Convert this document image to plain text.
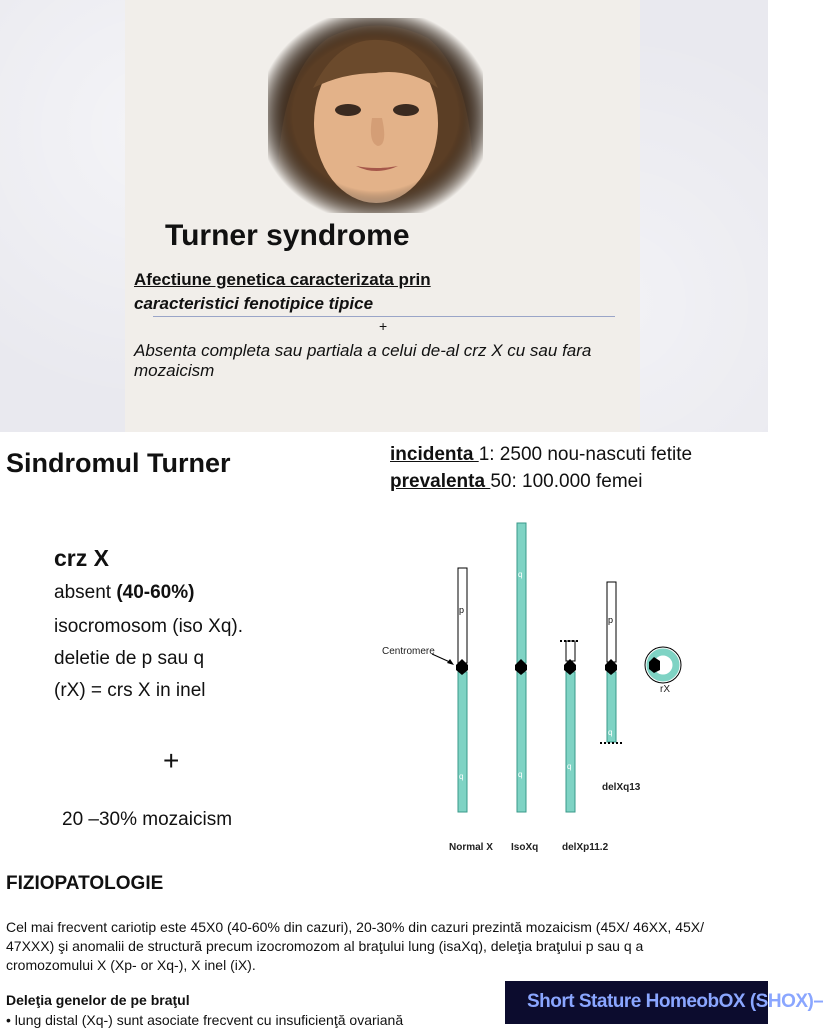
Turner syndrome
Afectiune genetica caracterizata prin
caracteristici fenotipice tipice
+
Absenta completa sau partiala a celui de-al crz X cu sau fara mozaicism
Sindromul Turner	incidenta 1: 2500 nou-nascuti fetite
prevalenta 50: 100.000 femei
crz X
absent (40-60%)
isocromosom (iso Xq).
deletie de p sau q
(rX) = crs X in inel
+
20 –30% mozaicism
p
q
q
q
q
p
q
Centromere
Normal X IsoXq delXp11.2
delXq13
rX
FIZIOPATOLOGIE
Cel mai frecvent cariotip este 45X0 (40-60% din cazuri), 20-30% din cazuri prezintă mozaicism (45X/ 46XX, 45X/ 47XXX) şi anomalii de structură precum izocromozom al braţului lung (isaXq), deleţia braţului p sau q a cromozomului X (Xp- or Xq-), X inel (iX).
Deleţia genelor de pe braţul
• lung distal (Xq-) sunt asociate frecvent cu insuficienţă ovariană
Short Stature HomeobOX (SHOX)–
